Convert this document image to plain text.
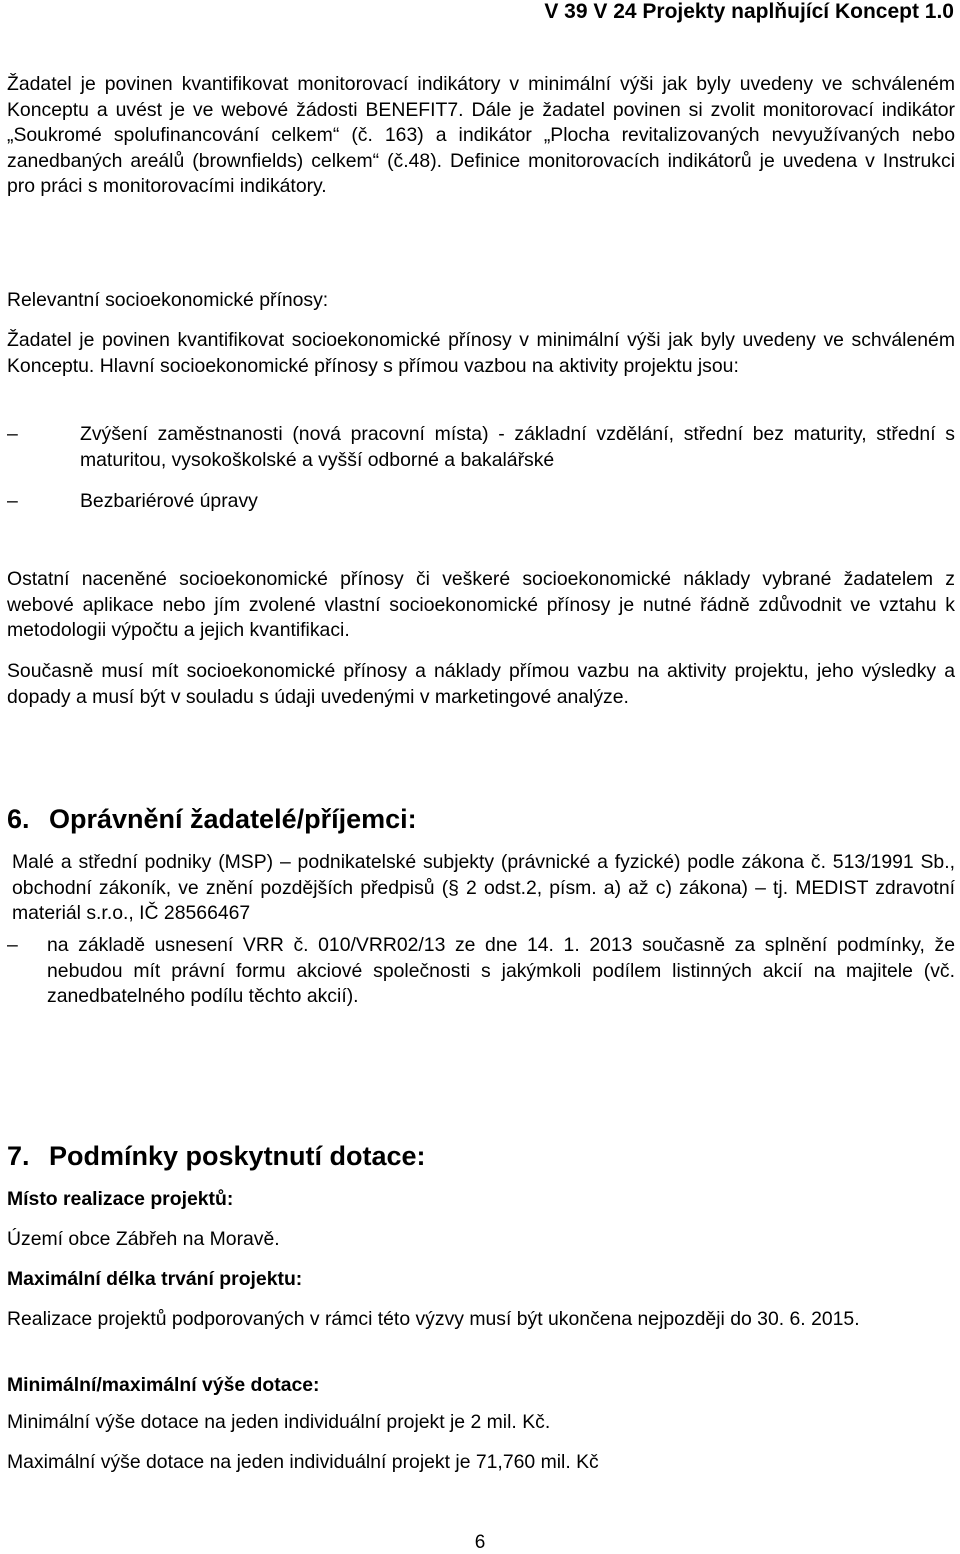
V 39 V 24 Projekty naplňující Koncept 1.0

Žadatel je povinen kvantifikovat monitorovací indikátory v minimální výši jak byly uvedeny ve schváleném Konceptu a uvést je ve webové žádosti BENEFIT7. Dále je žadatel povinen si zvolit monitorovací indikátor „Soukromé spolufinancování celkem“ (č. 163) a indikátor „Plocha revitalizovaných nevyužívaných nebo zanedbaných areálů (brownfields) celkem“ (č.48). Definice monitorovacích indikátorů je uvedena v Instrukci pro práci s monitorovacími indikátory.

Relevantní socioekonomické přínosy:

Žadatel je povinen kvantifikovat socioekonomické přínosy v minimální výši jak byly uvedeny ve schváleném Konceptu. Hlavní socioekonomické přínosy s přímou vazbou na aktivity projektu jsou:

–	Zvýšení zaměstnanosti (nová pracovní místa) - základní vzdělání, střední bez maturity, střední s maturitou, vysokoškolské a vyšší odborné a bakalářské
–	Bezbariérové úpravy

Ostatní naceněné socioekonomické přínosy či veškeré socioekonomické náklady vybrané žadatelem z webové aplikace nebo jím zvolené vlastní socioekonomické přínosy je nutné řádně zdůvodnit ve vztahu k metodologii výpočtu a jejich kvantifikaci.

Současně musí mít socioekonomické přínosy a náklady přímou vazbu na aktivity projektu, jeho výsledky a dopady a musí být v souladu s údaji uvedenými v marketingové analýze.

6. Oprávnění žadatelé/příjemci:

Malé a střední podniky (MSP) – podnikatelské subjekty (právnické a fyzické) podle zákona č. 513/1991 Sb., obchodní zákoník, ve znění pozdějších předpisů (§ 2 odst.2, písm. a) až c) zákona) – tj. MEDIST zdravotní materiál s.r.o., IČ 28566467

–	na základě usnesení VRR č. 010/VRR02/13 ze dne 14. 1. 2013 současně za splnění podmínky, že nebudou mít právní formu akciové společnosti s jakýmkoli podílem listinných akcií na majitele (vč. zanedbatelného podílu těchto akcií).
7. Podmínky poskytnutí dotace:

Místo realizace projektů:

Území obce Zábřeh na Moravě.

Maximální délka trvání projektu:

Realizace projektů podporovaných v rámci této výzvy musí být ukončena nejpozději do 30. 6. 2015.

Minimální/maximální výše dotace:

Minimální výše dotace na jeden individuální projekt je 2 mil. Kč.

Maximální výše dotace na jeden individuální projekt je 71,760 mil. Kč

6
